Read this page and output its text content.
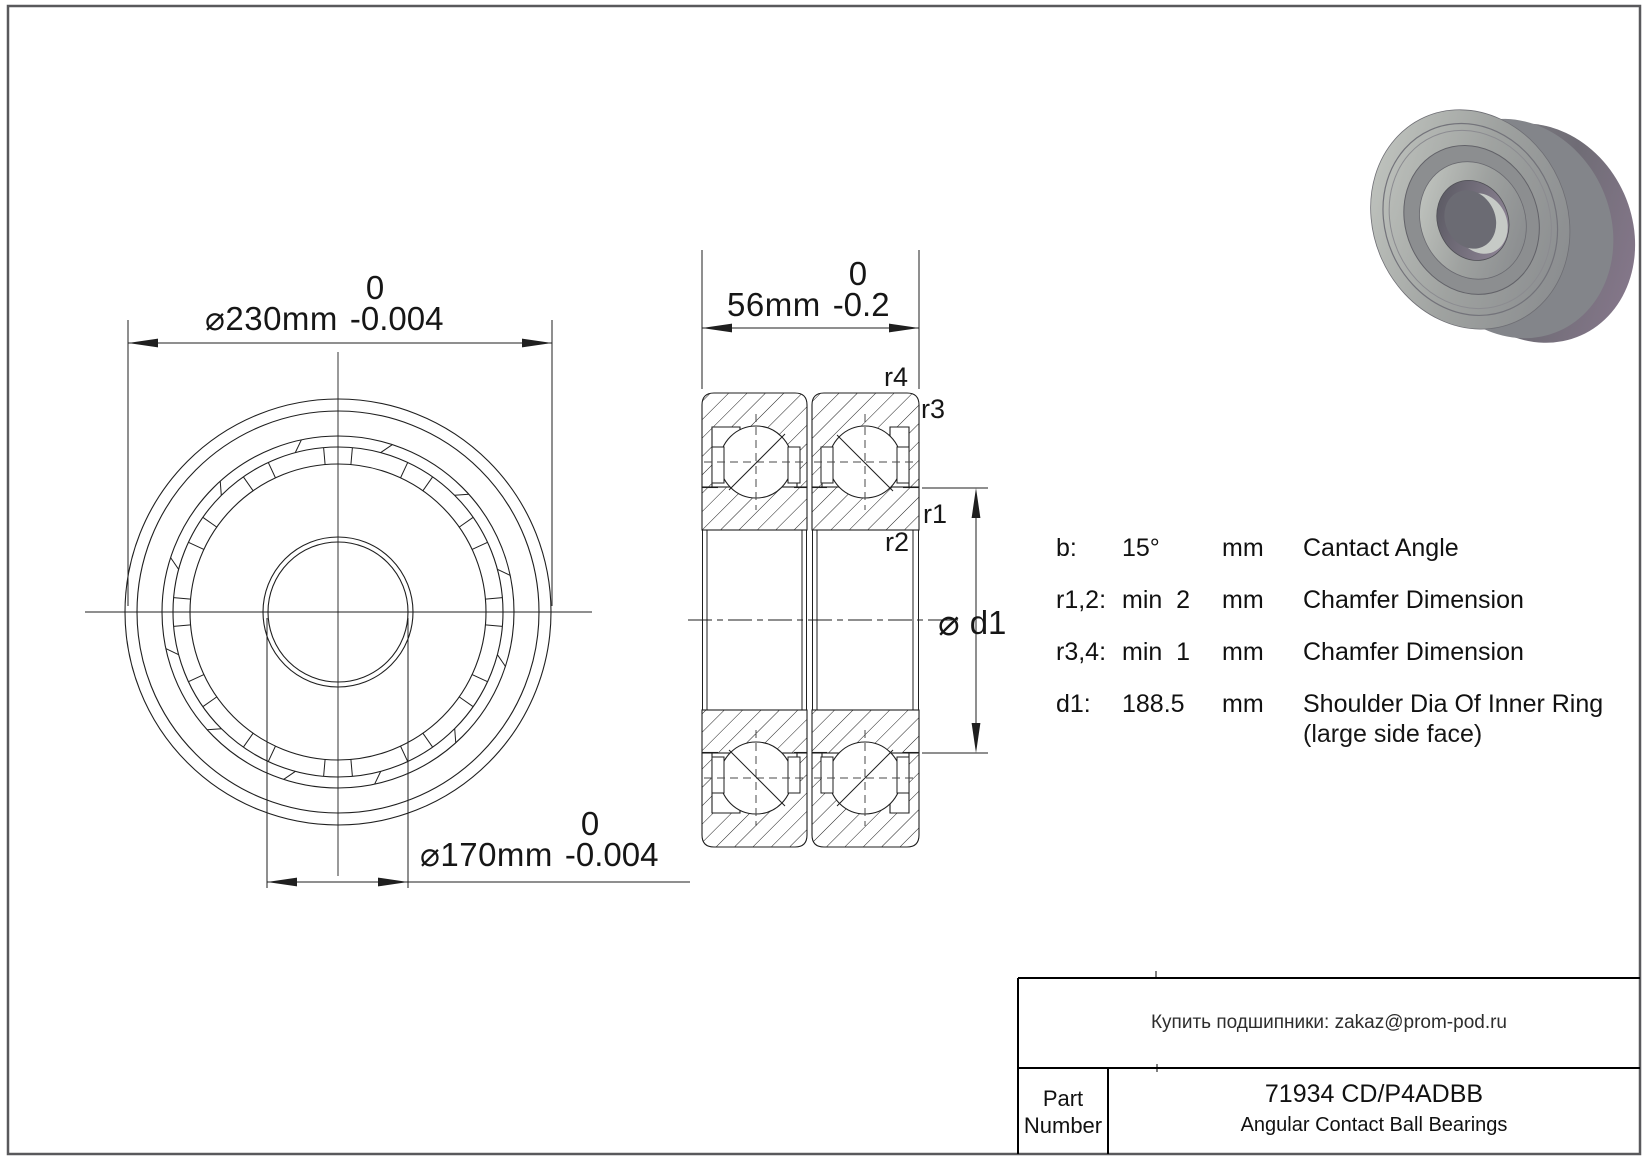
⌀230mm
0
-0.004
⌀170mm
0
-0.004
56mm
0
-0.2
⌀ d1
r4
r3
r1
r2	b: 15° mm Cantact Angle
r1,2: min  2 mm Chamfer Dimension
r3,4: min  1 mm Chamfer Dimension
d1: 188.5 mm Shoulder Dia Of Inner Ring
(large side face)
Купить подшипники: zakaz@prom-pod.ru
Part
Number
71934 CD/P4ADBB
Angular Contact Ball Bearings
